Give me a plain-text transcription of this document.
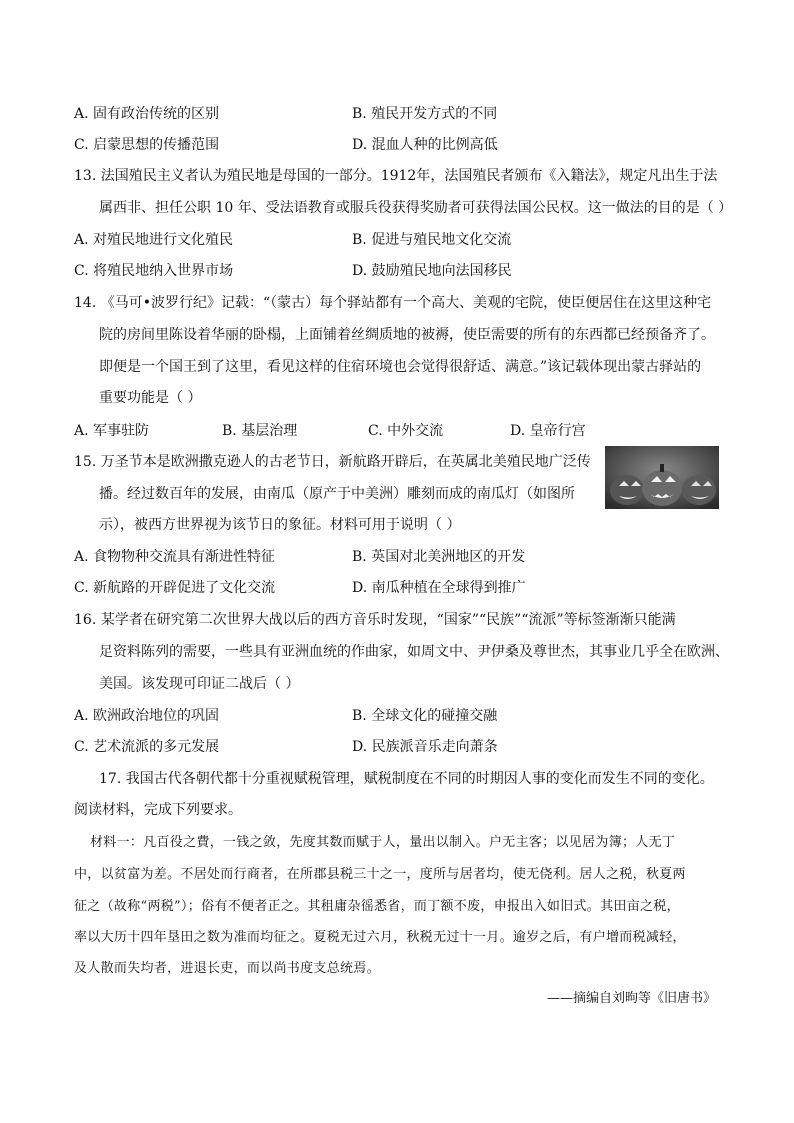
A. 固有政治传统的区别	B. 殖民开发方式的不同
C. 启蒙思想的传播范围	D. 混血人种的比例高低
13. 法国殖民主义者认为殖民地是母国的一部分。1912年，法国殖民者颁布《入籍法》，规定凡出生于法
属西非、担任公职 10 年、受法语教育或服兵役获得奖励者可获得法国公民权。这一做法的目的是（ ）
A. 对殖民地进行文化殖民	B. 促进与殖民地文化交流
C. 将殖民地纳入世界市场	D. 鼓励殖民地向法国移民
14. 《马可•波罗行纪》记载：“（蒙古）每个驿站都有一个高大、美观的宅院，使臣便居住在这里这种宅
院的房间里陈设着华丽的卧榻，上面铺着丝绸质地的被褥，使臣需要的所有的东西都已经预备齐了。
即便是一个国王到了这里，看见这样的住宿环境也会觉得很舒适、满意。”该记载体现出蒙古驿站的
重要功能是（ ）
A. 军事驻防	B. 基层治理	C. 中外交流	D. 皇帝行宫
15. 万圣节本是欧洲撒克逊人的古老节日，新航路开辟后，在英属北美殖民地广泛传
播。经过数百年的发展，由南瓜（原产于中美洲）雕刻而成的南瓜灯（如图所
示），被西方世界视为该节日的象征。材料可用于说明（ ）
A. 食物物种交流具有渐进性特征	B. 英国对北美洲地区的开发
C. 新航路的开辟促进了文化交流	D. 南瓜种植在全球得到推广
16. 某学者在研究第二次世界大战以后的西方音乐时发现，“国家”“民族”“流派”等标签渐渐只能满
足资料陈列的需要，一些具有亚洲血统的作曲家，如周文中、尹伊桑及尊世杰，其事业几乎全在欧洲、
美国。该发现可印证二战后（ ）
A. 欧洲政治地位的巩固	B. 全球文化的碰撞交融
C. 艺术流派的多元发展	D. 民族派音乐走向萧条
17. 我国古代各朝代都十分重视赋税管理，赋税制度在不同的时期因人事的变化而发生不同的变化。
阅读材料，完成下列要求。
材料一：凡百役之費，一钱之敛，先度其数而赋于人，量出以制入。户无主客；以见居为簿；人无丁
中，以贫富为差。不居处而行商者，在所郡县税三十之一，度所与居者均，使无侥利。居人之税，秋夏两
征之（故称“两税”）；俗有不便者正之。其租庸杂徭悉省，而丁额不废，申报出入如旧式。其田亩之税，
率以大历十四年垦田之数为准而均征之。夏税无过六月，秋税无过十一月。逾岁之后，有户增而税减轻，
及人散而失均者，进退长吏，而以尚书度支总统焉。
——摘编自刘昫等《旧唐书》
